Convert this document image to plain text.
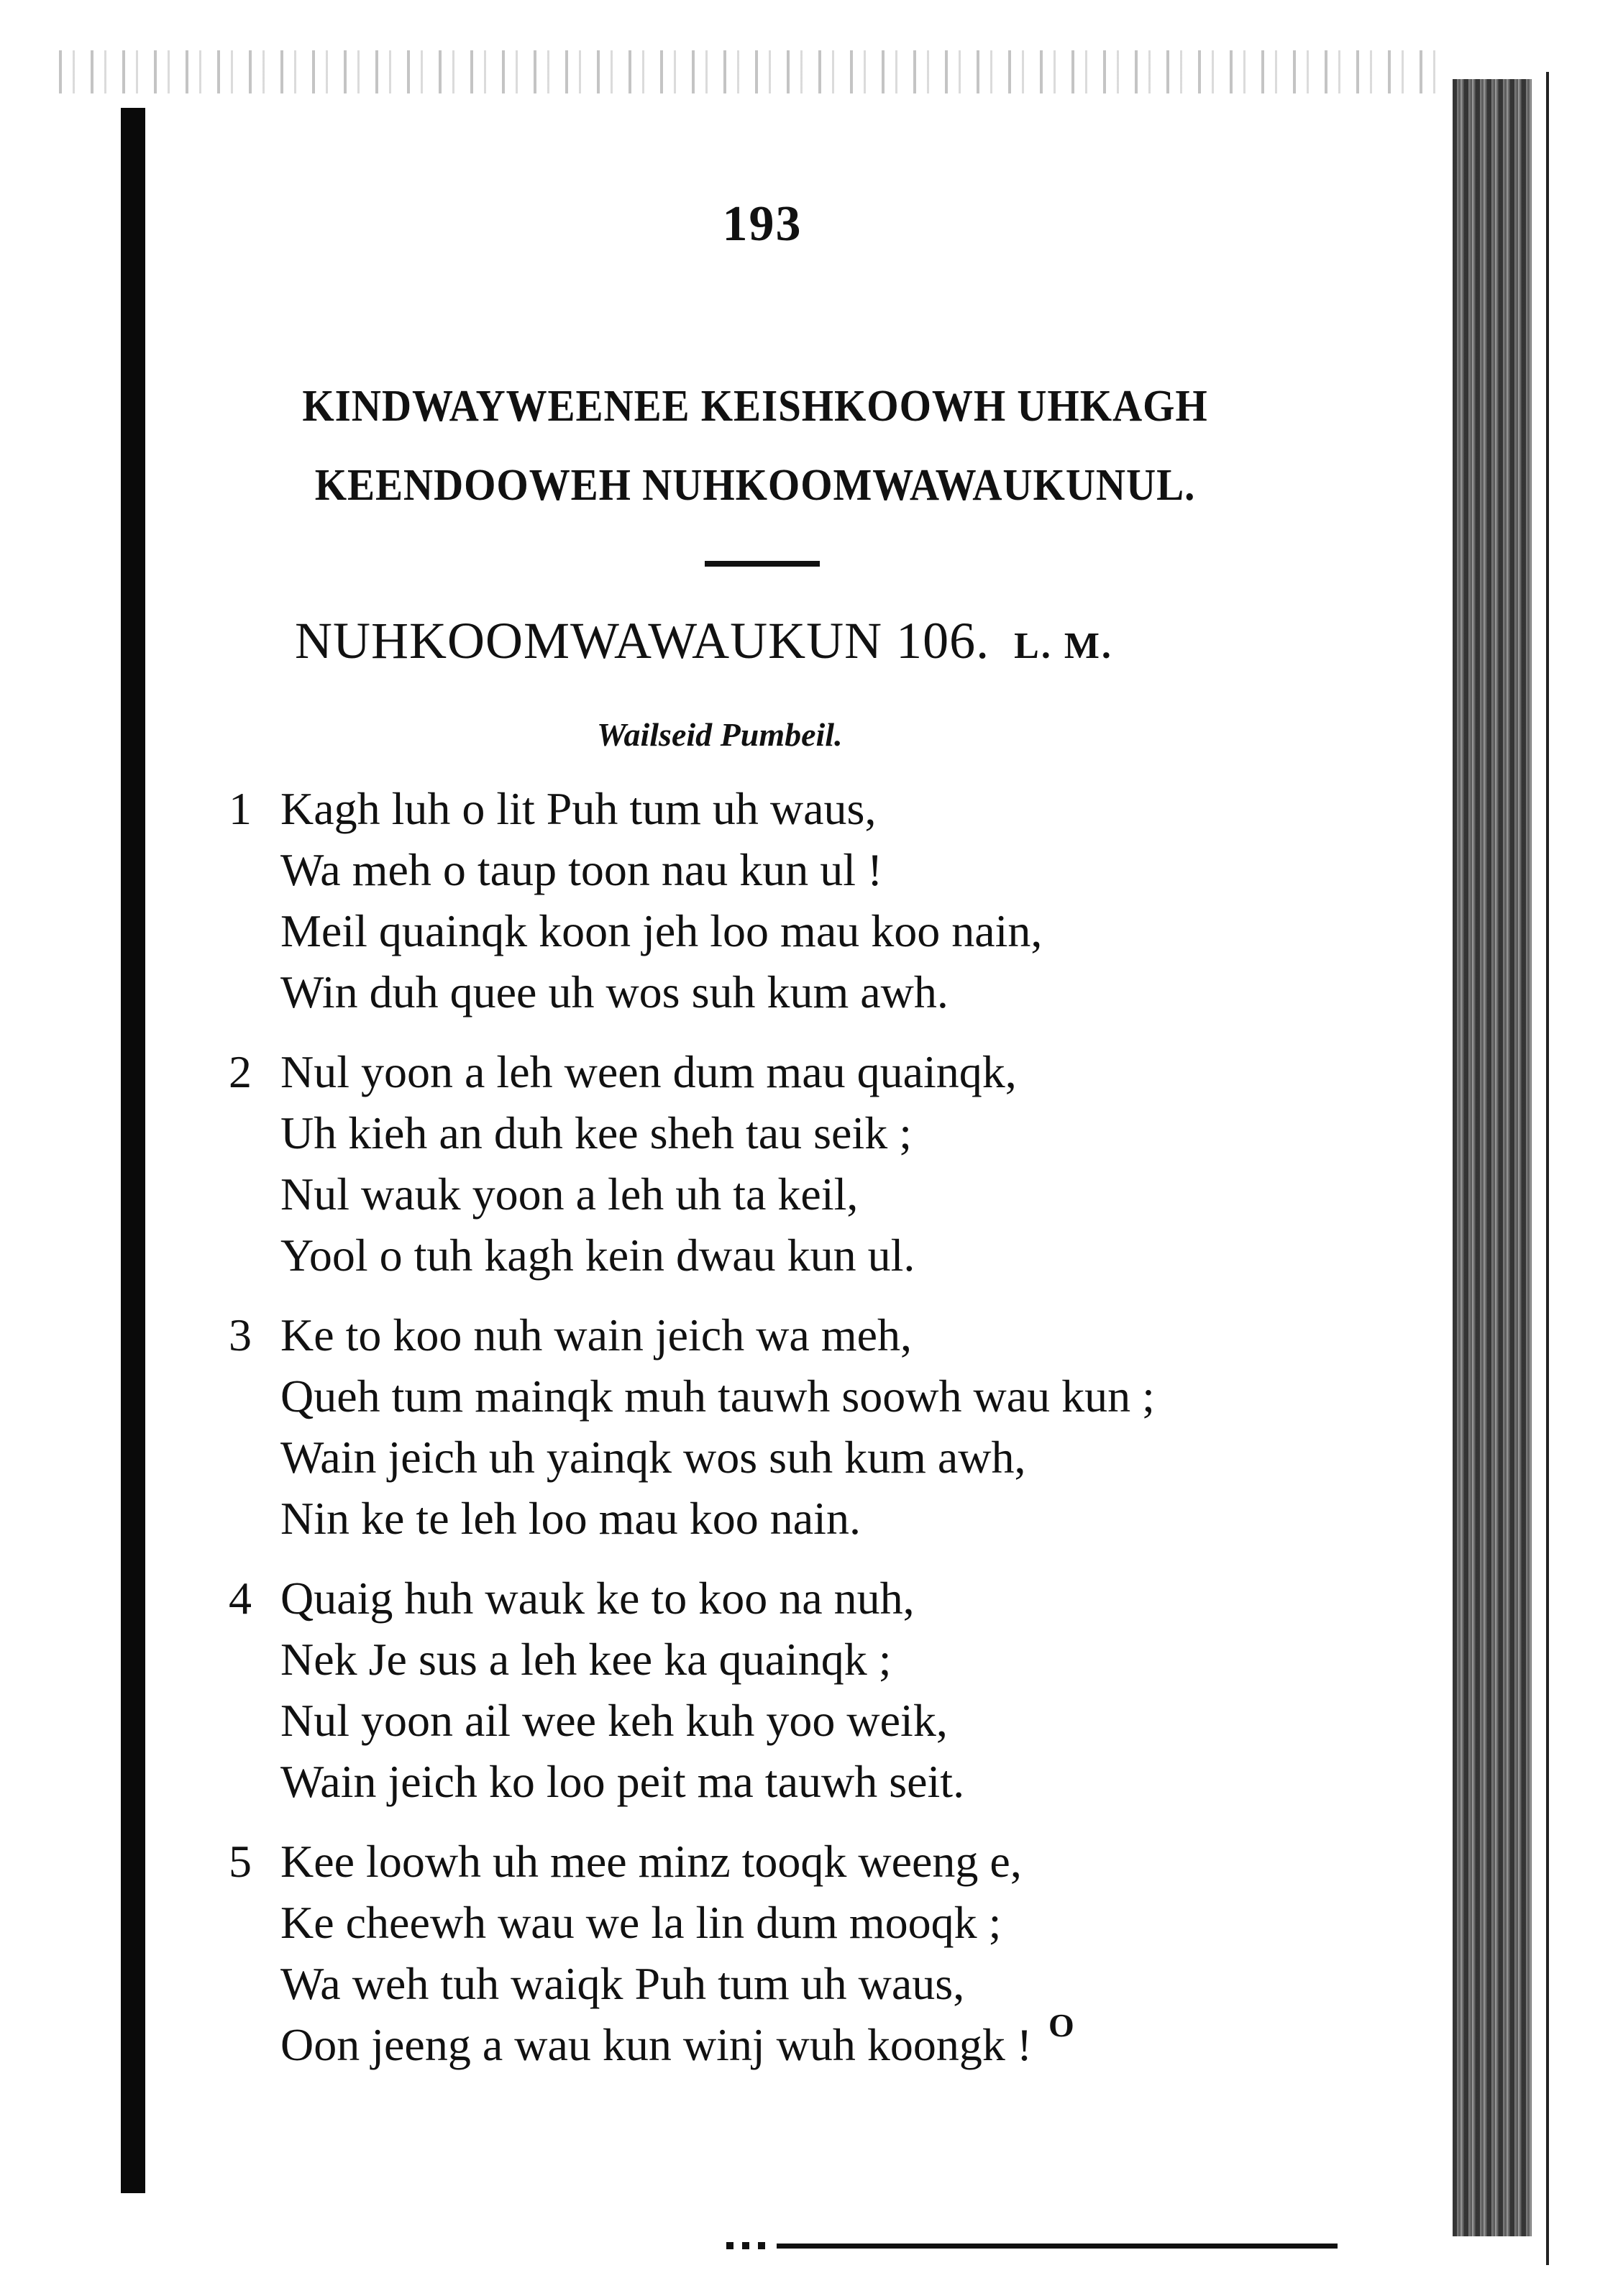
193
KINDWAYWEENEE KEISHKOOWH UHKAGH
KEENDOOWEH NUHKOOMWAWAUKUNUL.
NUHKOOMWAWAUKUN 106. L. M.
Wailseid Pumbeil.
1 Kagh luh o lit Puh tum uh waus,
Wa meh o taup toon nau kun ul !
Meil quainqk koon jeh loo mau koo nain,
Win duh quee uh wos suh kum awh.
2 Nul yoon a leh ween dum mau quainqk,
Uh kieh an duh kee sheh tau seik ;
Nul wauk yoon a leh uh ta keil,
Yool o tuh kagh kein dwau kun ul.
3 Ke to koo nuh wain jeich wa meh,
Queh tum mainqk muh tauwh soowh wau kun ;
Wain jeich uh yainqk wos suh kum awh,
Nin ke te leh loo mau koo nain.
4 Quaig huh wauk ke to koo na nuh,
Nek Je sus a leh kee ka quainqk ;
Nul yoon ail wee keh kuh yoo weik,
Wain jeich ko loo peit ma tauwh seit.
5 Kee loowh uh mee minz tooqk weeng e,
Ke cheewh wau we la lin dum mooqk ;
Wa weh tuh waiqk Puh tum uh waus,
Oon jeeng a wau kun winj wuh koongk ! O
